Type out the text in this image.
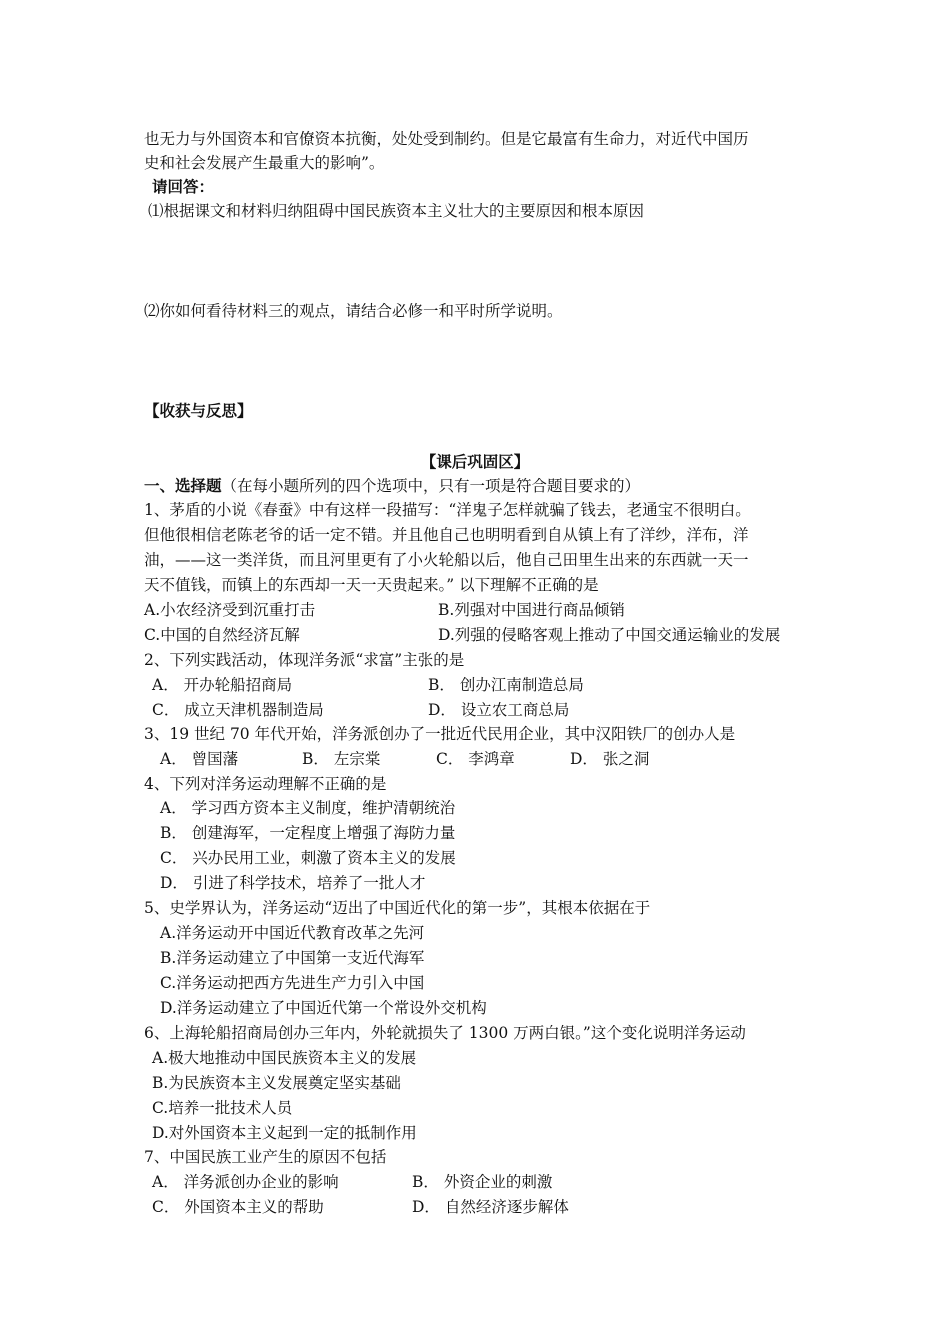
也无力与外国资本和官僚资本抗衡，处处受到制约。但是它最富有生命力，对近代中国历
史和社会发展产生最重大的影响”。
请回答：
⑴根据课文和材料归纳阻碍中国民族资本主义壮大的主要原因和根本原因
⑵你如何看待材料三的观点，请结合必修一和平时所学说明。
【收获与反思】
【课后巩固区】
一、选择题（在每小题所列的四个选项中，只有一项是符合题目要求的）
1、茅盾的小说《春蚕》中有这样一段描写：“洋鬼子怎样就骗了钱去，老通宝不很明白。
但他很相信老陈老爷的话一定不错。并且他自己也明明看到自从镇上有了洋纱，洋布，洋
油，——这一类洋货，而且河里更有了小火轮船以后，他自己田里生出来的东西就一天一
天不值钱，而镇上的东西却一天一天贵起来。” 以下理解不正确的是
A.小农经济受到沉重打击	B.列强对中国进行商品倾销
C.中国的自然经济瓦解	D.列强的侵略客观上推动了中国交通运输业的发展
2、下列实践活动，体现洋务派“求富”主张的是
A． 开办轮船招商局	B． 创办江南制造总局
C． 成立天津机器制造局	D． 设立农工商总局
3、19 世纪 70 年代开始，洋务派创办了一批近代民用企业，其中汉阳铁厂的创办人是
A． 曾国藩	B． 左宗棠	C． 李鸿章	D． 张之洞
4、下列对洋务运动理解不正确的是
A． 学习西方资本主义制度，维护清朝统治
B． 创建海军，一定程度上增强了海防力量
C． 兴办民用工业，刺激了资本主义的发展
D． 引进了科学技术，培养了一批人才
5、史学界认为，洋务运动“迈出了中国近代化的第一步”，其根本依据在于
A.洋务运动开中国近代教育改革之先河
B.洋务运动建立了中国第一支近代海军
C.洋务运动把西方先进生产力引入中国
D.洋务运动建立了中国近代第一个常设外交机构
6、上海轮船招商局创办三年内，外轮就损失了 1300 万两白银。”这个变化说明洋务运动
A.极大地推动中国民族资本主义的发展
B.为民族资本主义发展奠定坚实基础
C.培养一批技术人员
D.对外国资本主义起到一定的抵制作用
7、中国民族工业产生的原因不包括
A． 洋务派创办企业的影响	B． 外资企业的刺激
C． 外国资本主义的帮助	D． 自然经济逐步解体
